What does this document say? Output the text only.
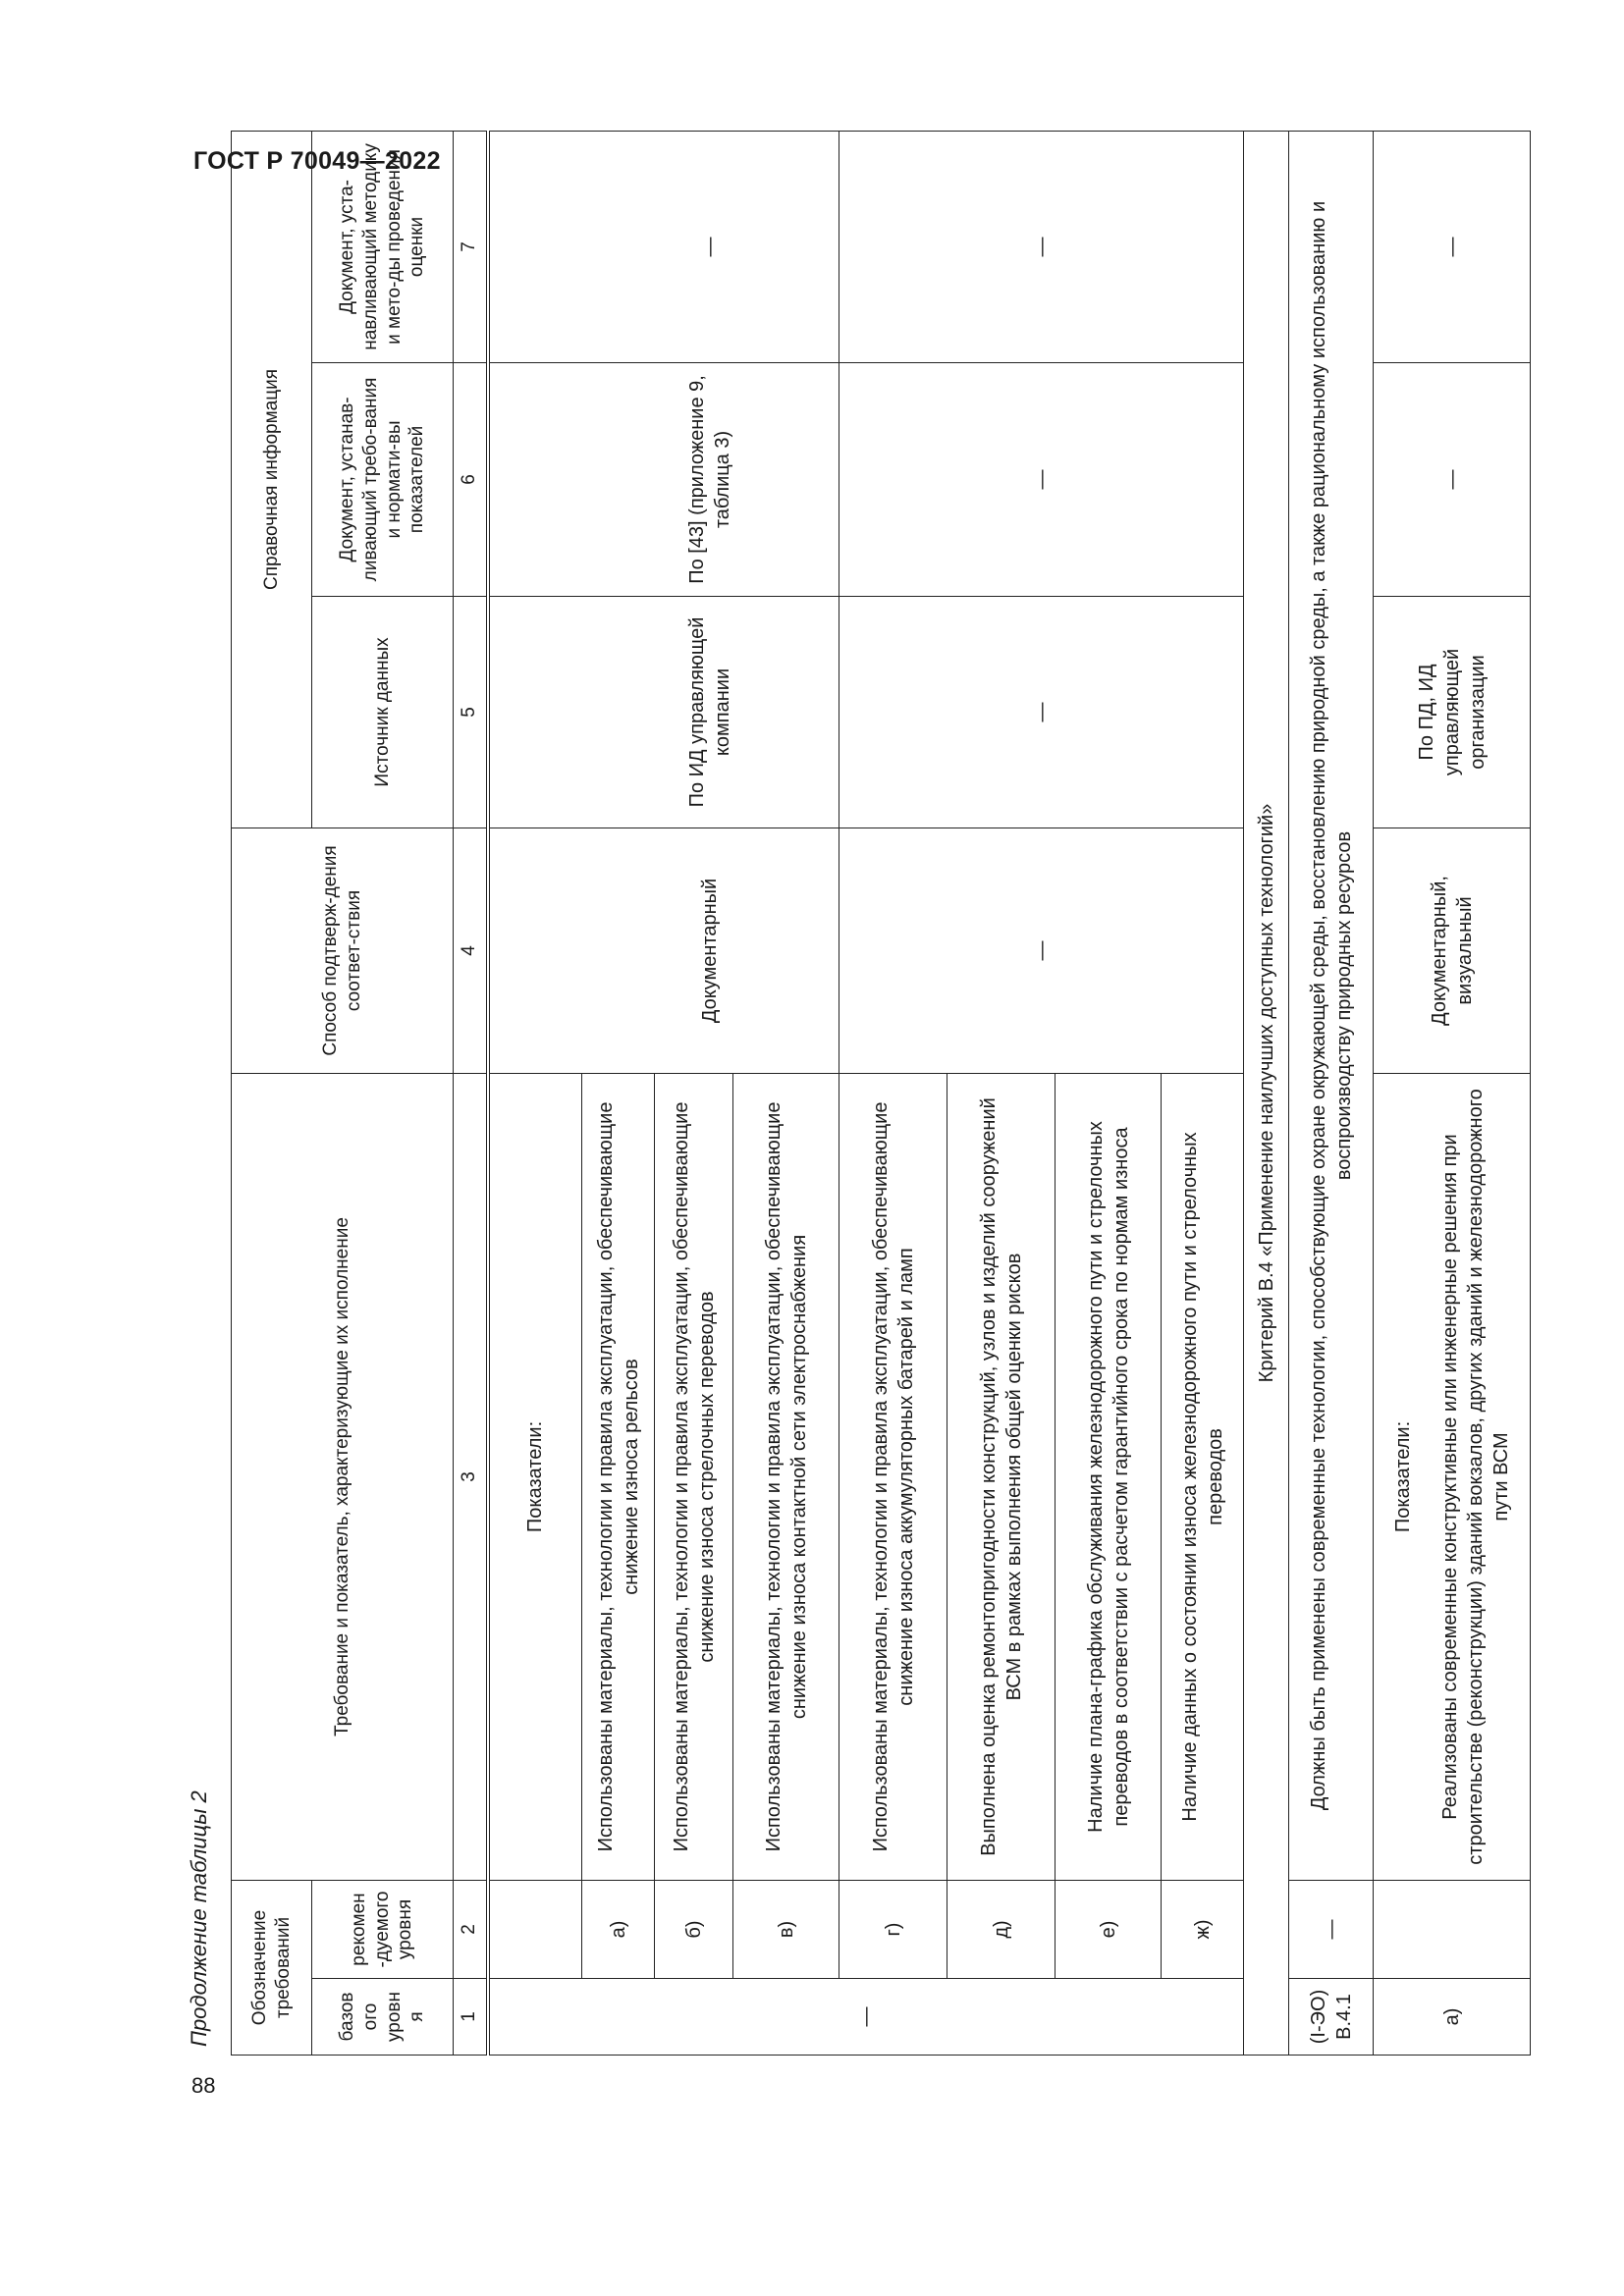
ГОСТ Р 70049—2022
88
Продолжение таблицы 2 Обозначение требований		Требование и показатель, характеризующие их исполнение	Способ подтверж-дения соответ-ствия	Справочная информация		
базового уровня	рекомен-дуемого уровня			Источник данных	Документ, устанав-ливающий требо-вания и нормати-вы показателей	Документ, уста-навливающий методику и мето-ды проведения оценки
1	2	3	4	5	6	7
—		Показатели:				
	а)	Использованы материалы, технологии и правила эксплуатации, обеспечивающие снижение износа рельсов	Документарный	По ИД управляющей компании	По [43] (приложение 9, таблица 3)	—
	б)	Использованы материалы, технологии и правила эксплуатации, обеспечивающие снижение износа стрелочных переводов				
	в)	Использованы материалы, технологии и правила эксплуатации, обеспечивающие снижение износа контактной сети электроснабжения				
	г)	Использованы материалы, технологии и правила эксплуатации, обеспечивающие снижение износа аккумуляторных батарей и ламп	—	—	—	—
	д)	Выполнена оценка ремонтопригодности конструкций, узлов и изделий сооружений ВСМ в рамках выполнения общей оценки рисков				
	е)	Наличие плана-графика обслуживания железнодорожного пути и стрелочных переводов в соответствии с расчетом гарантийного срока по нормам износа				
	ж)	Наличие данных о состоянии износа железнодорожного пути и стрелочных переводов				
Критерий В.4 «Применение наилучших доступных технологий»						
(I-ЭО) В.4.1	—	Должны быть применены современные технологии, способствующие охране окружающей среды, восстановлению природной среды, а также рациональному использованию и воспроизводству природных ресурсов				
а)		Показатели: Реализованы современные конструктивные или инженерные решения при строительстве (реконструкции) зданий вокзалов, других зданий и железнодорожного пути ВСМ	Документарный, визуальный	По ПД, ИД управляющей организации	—	—
